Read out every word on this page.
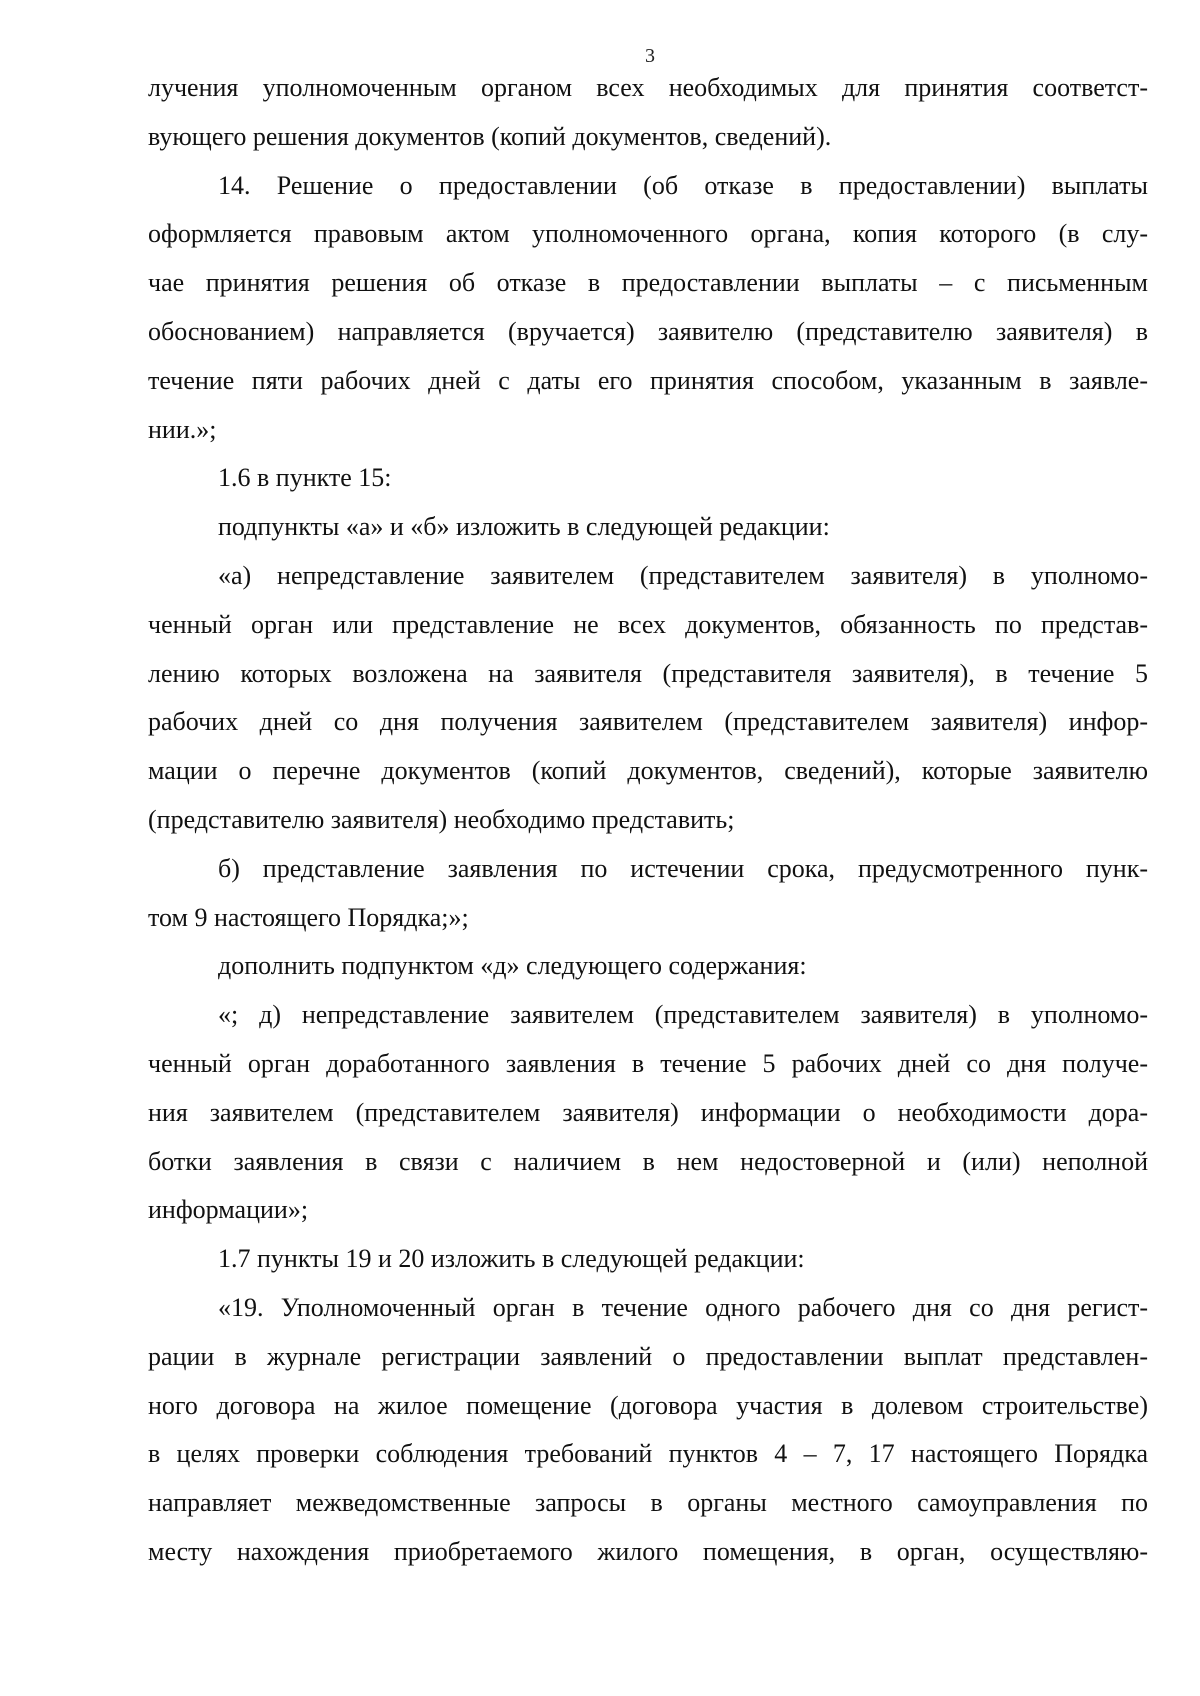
3
лучения уполномоченным органом всех необходимых для принятия соответст-
вующего решения документов (копий документов, сведений).
14. Решение о предоставлении (об отказе в предоставлении) выплаты
оформляется правовым актом уполномоченного органа, копия которого (в слу-
чае принятия решения об отказе в предоставлении выплаты – с письменным
обоснованием) направляется (вручается) заявителю (представителю заявителя) в
течение пяти рабочих дней с даты его принятия способом, указанным в заявле-
нии.»;
1.6 в пункте 15:
подпункты «а» и «б» изложить в следующей редакции:
«а) непредставление заявителем (представителем заявителя) в уполномо-
ченный орган или представление не всех документов, обязанность по представ-
лению которых возложена на заявителя (представителя заявителя), в течение 5
рабочих дней со дня получения заявителем (представителем заявителя) инфор-
мации о перечне документов (копий документов, сведений), которые заявителю
(представителю заявителя) необходимо представить;
б) представление заявления по истечении срока, предусмотренного пунк-
том 9 настоящего Порядка;»;
дополнить подпунктом «д» следующего содержания:
«; д) непредставление заявителем (представителем заявителя) в уполномо-
ченный орган доработанного заявления в течение 5 рабочих дней со дня получе-
ния заявителем (представителем заявителя) информации о необходимости дора-
ботки заявления в связи с наличием в нем недостоверной и (или) неполной
информации»;
1.7 пункты 19 и 20 изложить в следующей редакции:
«19. Уполномоченный орган в течение одного рабочего дня со дня регист-
рации в журнале регистрации заявлений о предоставлении выплат представлен-
ного договора на жилое помещение (договора участия в долевом строительстве)
в целях проверки соблюдения требований пунктов 4 – 7, 17 настоящего Порядка
направляет межведомственные запросы в органы местного самоуправления по
месту нахождения приобретаемого жилого помещения, в орган, осуществляю-
